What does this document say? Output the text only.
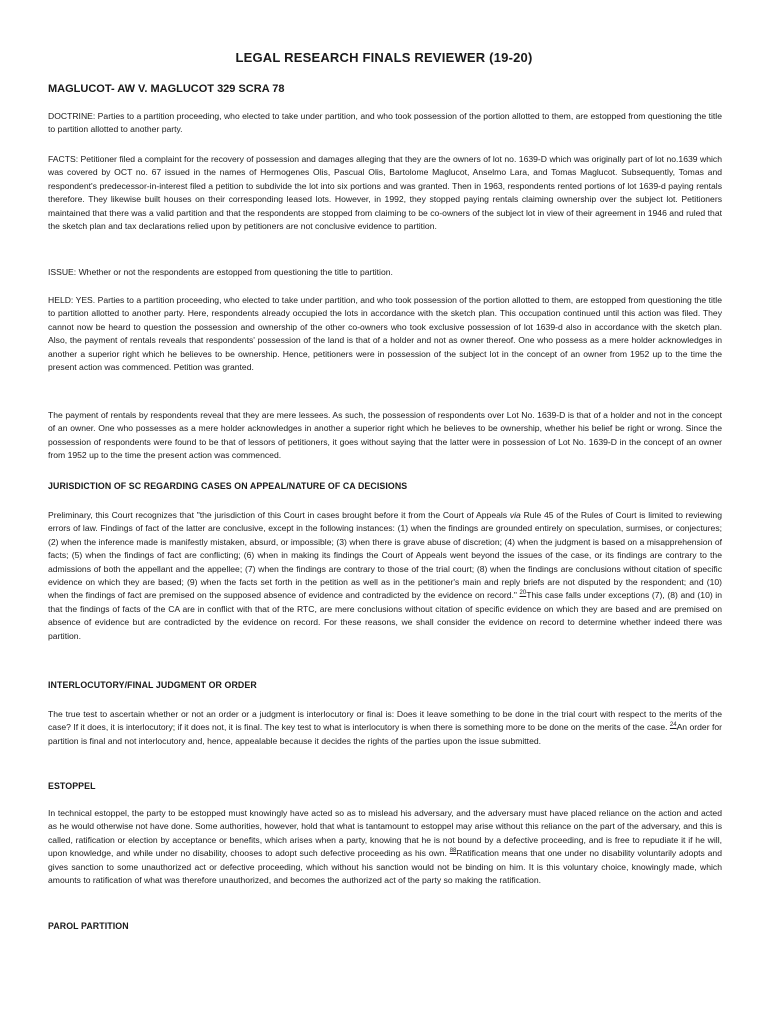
LEGAL RESEARCH FINALS REVIEWER (19-20)
MAGLUCOT- AW V. MAGLUCOT 329 SCRA 78
DOCTRINE: Parties to a partition proceeding, who elected to take under partition, and who took possession of the portion allotted to them, are estopped from questioning the title to partition allotted to another party.
FACTS: Petitioner filed a complaint for the recovery of possession and damages alleging that they are the owners of lot no. 1639-D which was originally part of lot no.1639 which was covered by OCT no. 67 issued in the names of Hermogenes Olis, Pascual Olis, Bartolome Maglucot, Anselmo Lara, and Tomas Maglucot. Subsequently, Tomas and respondent's predecessor-in-interest filed a petition to subdivide the lot into six portions and was granted. Then in 1963, respondents rented portions of lot 1639-d paying rentals therefore. They likewise built houses on their corresponding leased lots. However, in 1992, they stopped paying rentals claiming ownership over the subject lot. Petitioners maintained that there was a valid partition and that the respondents are stopped from claiming to be co-owners of the subject lot in view of their agreement in 1946 and ruled that the sketch plan and tax declarations relied upon by petitioners are not conclusive evidence to partition.
ISSUE: Whether or not the respondents are estopped from questioning the title to partition.
HELD: YES. Parties to a partition proceeding, who elected to take under partition, and who took possession of the portion allotted to them, are estopped from questioning the title to partition allotted to another party. Here, respondents already occupied the lots in accordance with the sketch plan. This occupation continued until this action was filed. They cannot now be heard to question the possession and ownership of the other co-owners who took exclusive possession of lot 1639-d also in accordance with the sketch plan. Also, the payment of rentals reveals that respondents' possession of the land is that of a holder and not as owner thereof. One who possess as a mere holder acknowledges in another a superior right which he believes to be ownership. Hence, petitioners were in possession of the subject lot in the concept of an owner from 1952 up to the time the present action was commenced. Petition was granted.
The payment of rentals by respondents reveal that they are mere lessees. As such, the possession of respondents over Lot No. 1639-D is that of a holder and not in the concept of an owner. One who possesses as a mere holder acknowledges in another a superior right which he believes to be ownership, whether his belief be right or wrong. Since the possession of respondents were found to be that of lessors of petitioners, it goes without saying that the latter were in possession of Lot No. 1639-D in the concept of an owner from 1952 up to the time the present action was commenced.
JURISDICTION OF SC REGARDING CASES ON APPEAL/NATURE OF CA DECISIONS
Preliminary, this Court recognizes that "the jurisdiction of this Court in cases brought before it from the Court of Appeals via Rule 45 of the Rules of Court is limited to reviewing errors of law. Findings of fact of the latter are conclusive, except in the following instances: (1) when the findings are grounded entirely on speculation, surmises, or conjectures; (2) when the inference made is manifestly mistaken, absurd, or impossible; (3) when there is grave abuse of discretion; (4) when the judgment is based on a misapprehension of facts; (5) when the findings of fact are conflicting; (6) when in making its findings the Court of Appeals went beyond the issues of the case, or its findings are contrary to the admissions of both the appellant and the appellee; (7) when the findings are contrary to those of the trial court; (8) when the findings are conclusions without citation of specific evidence on which they are based; (9) when the facts set forth in the petition as well as in the petitioner's main and reply briefs are not disputed by the respondent; and (10) when the findings of fact are premised on the supposed absence of evidence and contradicted by the evidence on record." $^{20}$This case falls under exceptions (7), (8) and (10) in that the findings of facts of the CA are in conflict with that of the RTC, are mere conclusions without citation of specific evidence on which they are based and are premised on absence of evidence but are contradicted by the evidence on record. For these reasons, we shall consider the evidence on record to determine whether indeed there was partition.
INTERLOCUTORY/FINAL JUDGMENT OR ORDER
The true test to ascertain whether or not an order or a judgment is interlocutory or final is: Does it leave something to be done in the trial court with respect to the merits of the case? If it does, it is interlocutory; if it does not, it is final. The key test to what is interlocutory is when there is something more to be done on the merits of the case. $^{24}$An order for partition is final and not interlocutory and, hence, appealable because it decides the rights of the parties upon the issue submitted.
ESTOPPEL
In technical estoppel, the party to be estopped must knowingly have acted so as to mislead his adversary, and the adversary must have placed reliance on the action and acted as he would otherwise not have done. Some authorities, however, hold that what is tantamount to estoppel may arise without this reliance on the part of the adversary, and this is called, ratification or election by acceptance or benefits, which arises when a party, knowing that he is not bound by a defective proceeding, and is free to repudiate it if he will, upon knowledge, and while under no disability, chooses to adopt such defective proceeding as his own. $^{88}$Ratification means that one under no disability voluntarily adopts and gives sanction to some unauthorized act or defective proceeding, which without his sanction would not be binding on him. It is this voluntary choice, knowingly made, which amounts to ratification of what was therefore unauthorized, and becomes the authorized act of the party so making the ratification.
PAROL PARTITION
